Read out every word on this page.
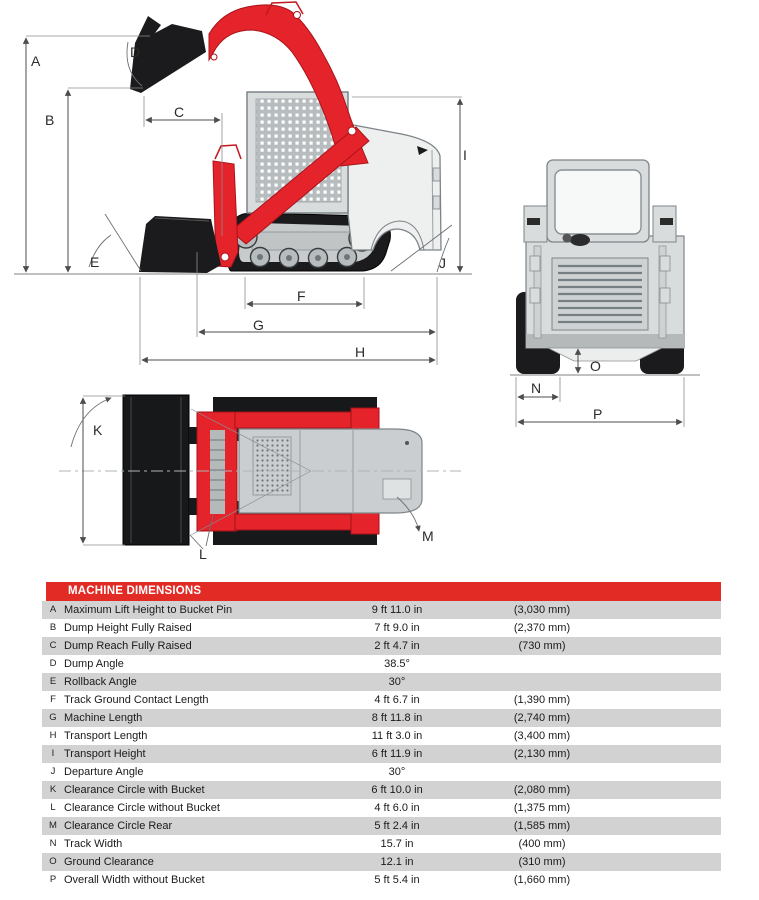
A
B	C
D
E
F
G
H
I
J
O
N
P
K
L
M
MACHINE DIMENSIONS
A Maximum Lift Height to Bucket Pin	9 ft 11.0 in	(3,030 mm)
B Dump Height Fully Raised	7 ft 9.0 in	(2,370 mm)
C Dump Reach Fully Raised	2 ft 4.7 in	(730 mm)
D Dump Angle	38.5°
E Rollback Angle	30°
F Track Ground Contact Length	4 ft 6.7 in	(1,390 mm)
G Machine Length	8 ft 11.8 in	(2,740 mm)
H Transport Length	11 ft 3.0 in	(3,400 mm)
I Transport Height	6 ft 11.9 in	(2,130 mm)
J Departure Angle	30°
K Clearance Circle with Bucket	6 ft 10.0 in	(2,080 mm)
L Clearance Circle without Bucket	4 ft 6.0 in	(1,375 mm)
M Clearance Circle Rear	5 ft 2.4 in	(1,585 mm)
N Track Width	15.7 in	(400 mm)
O Ground Clearance	12.1 in	(310 mm)
P Overall Width without Bucket	5 ft 5.4 in	(1,660 mm)
